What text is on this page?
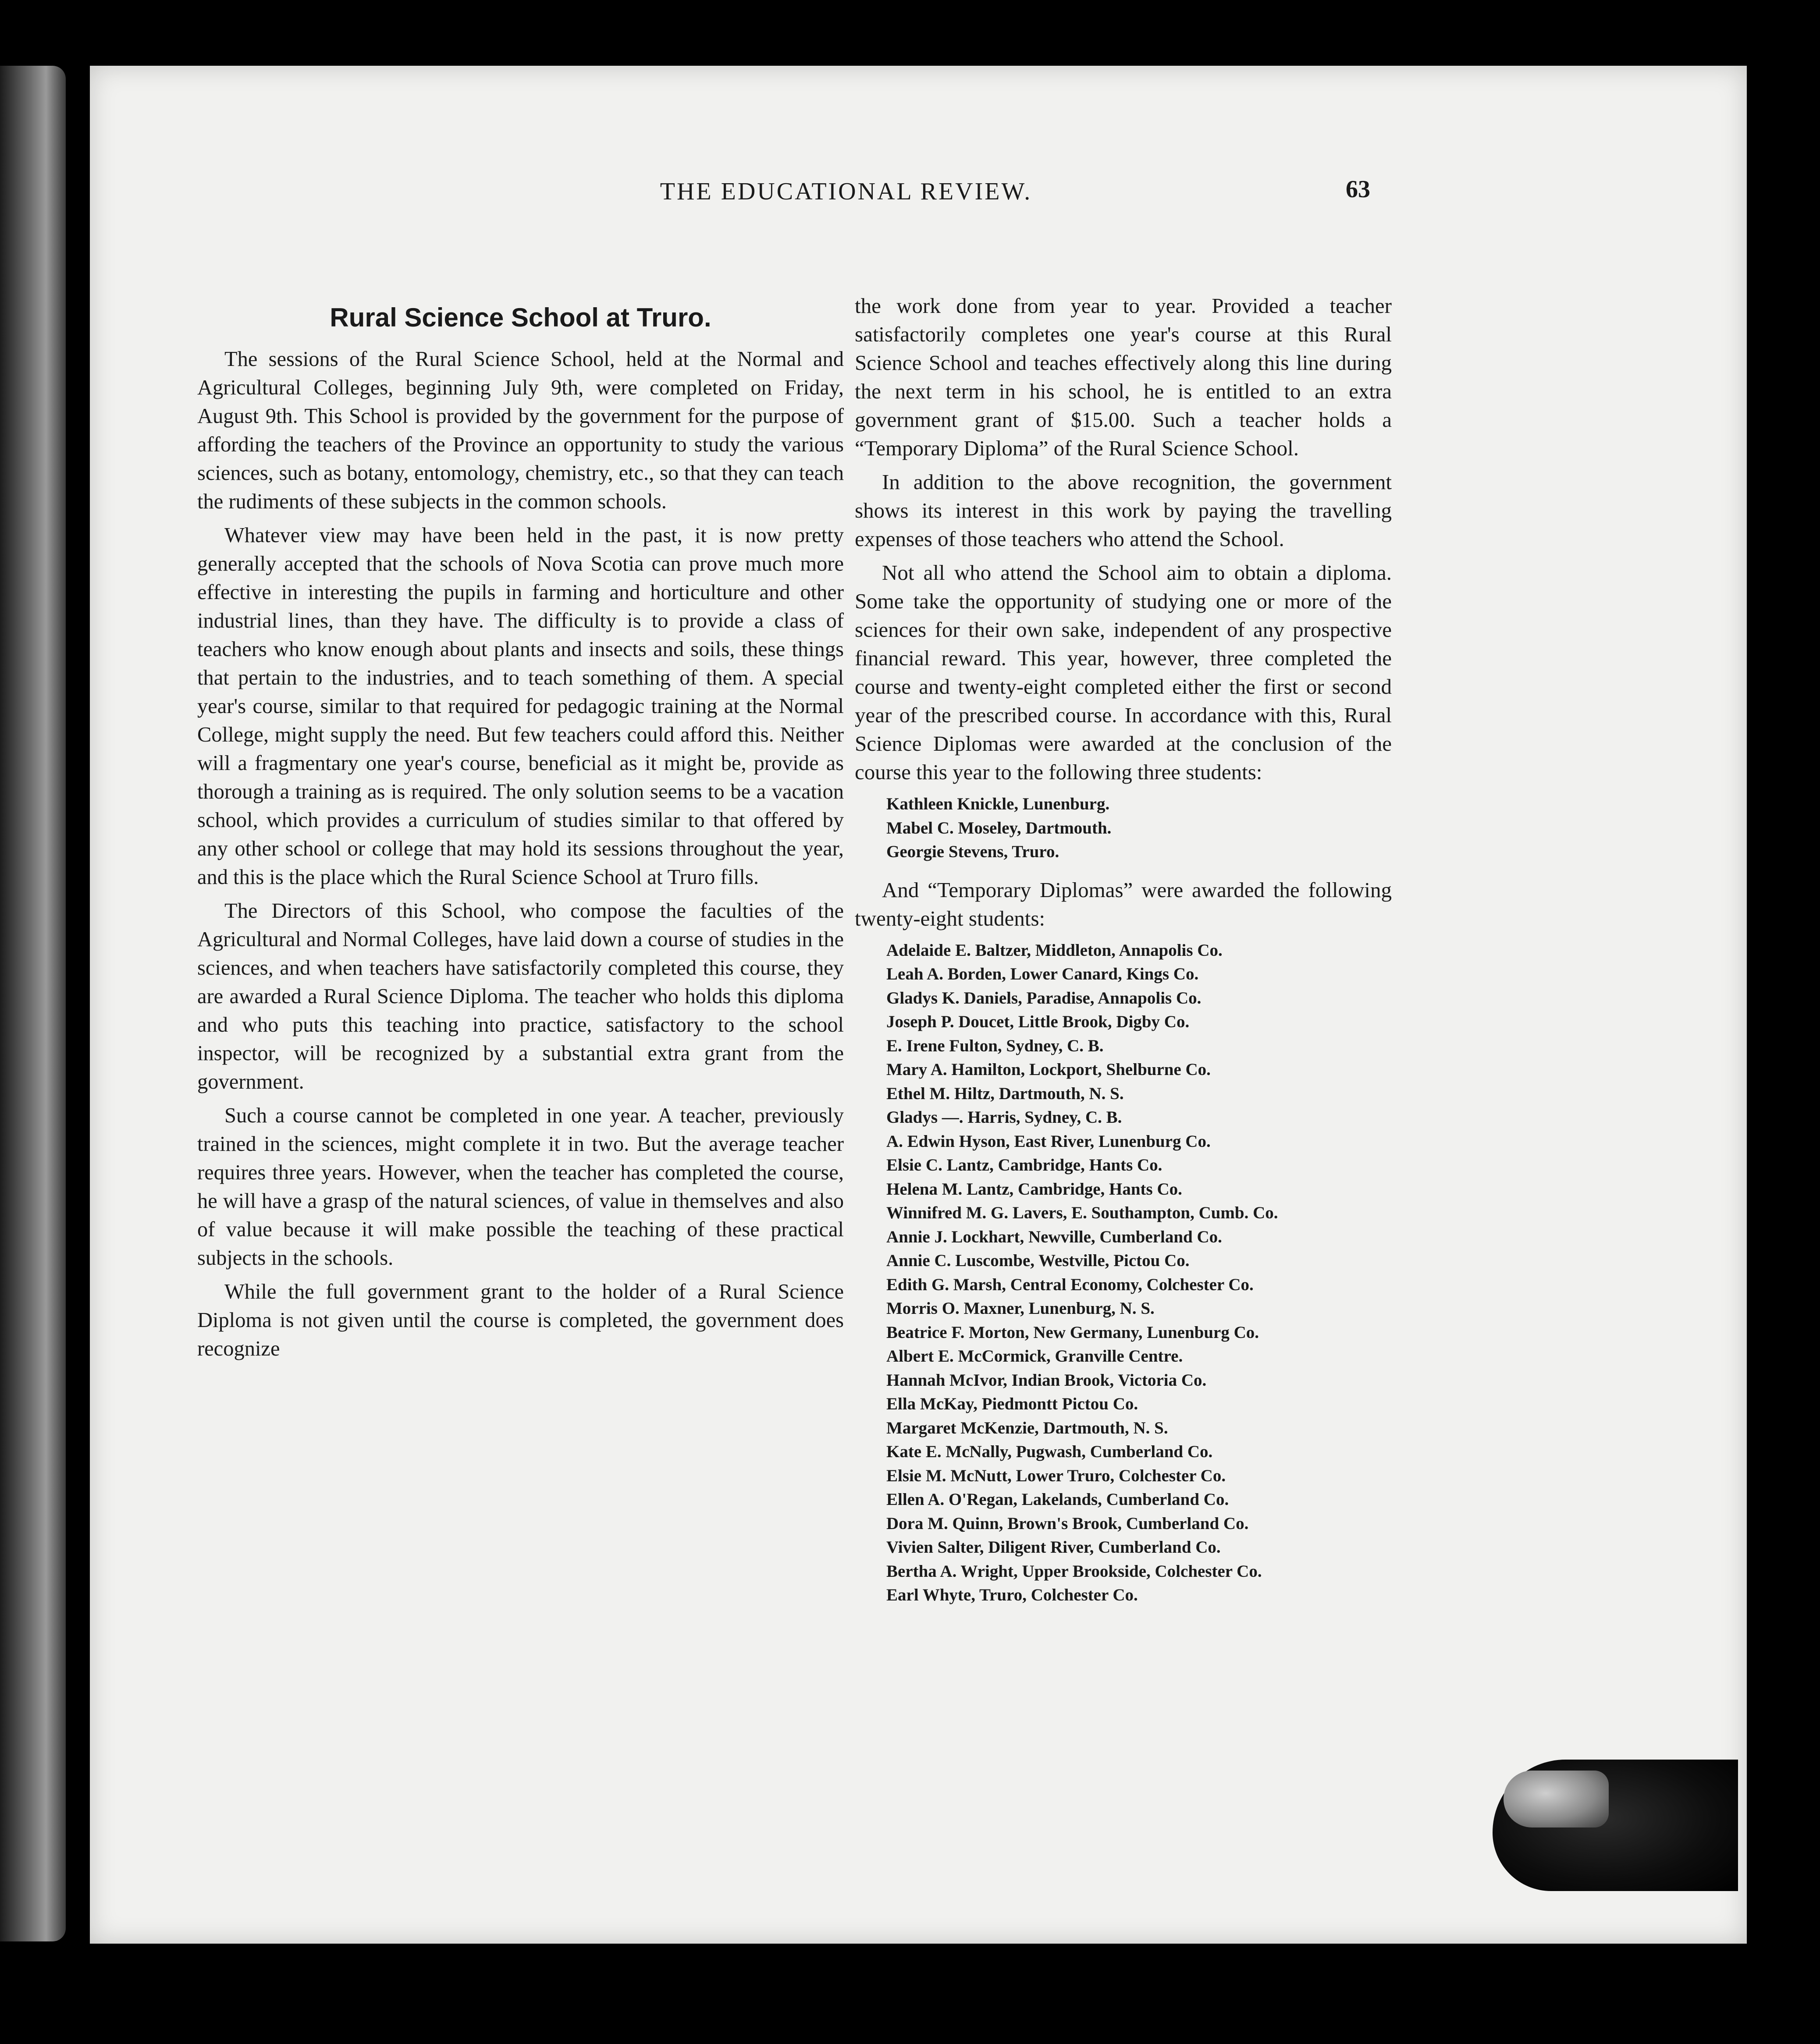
THE EDUCATIONAL REVIEW.	63
Rural Science School at Truro.

The sessions of the Rural Science School, held at the Normal and Agricultural Colleges, beginning July 9th, were completed on Friday, August 9th. This School is provided by the government for the purpose of affording the teachers of the Province an opportunity to study the various sciences, such as botany, entomology, chemistry, etc., so that they can teach the rudiments of these subjects in the common schools.

Whatever view may have been held in the past, it is now pretty generally accepted that the schools of Nova Scotia can prove much more effective in interesting the pupils in farming and horticulture and other industrial lines, than they have. The difficulty is to provide a class of teachers who know enough about plants and insects and soils, these things that pertain to the industries, and to teach something of them. A special year's course, similar to that required for pedagogic training at the Normal College, might supply the need. But few teachers could afford this. Neither will a fragmentary one year's course, beneficial as it might be, provide as thorough a training as is required. The only solution seems to be a vacation school, which provides a curriculum of studies similar to that offered by any other school or college that may hold its sessions throughout the year, and this is the place which the Rural Science School at Truro fills.

The Directors of this School, who compose the faculties of the Agricultural and Normal Colleges, have laid down a course of studies in the sciences, and when teachers have satisfactorily completed this course, they are awarded a Rural Science Diploma. The teacher who holds this diploma and who puts this teaching into practice, satisfactory to the school inspector, will be recognized by a substantial extra grant from the government.

Such a course cannot be completed in one year. A teacher, previously trained in the sciences, might complete it in two. But the average teacher requires three years. However, when the teacher has completed the course, he will have a grasp of the natural sciences, of value in themselves and also of value because it will make possible the teaching of these practical subjects in the schools.

While the full government grant to the holder of a Rural Science Diploma is not given until the course is completed, the government does recognize

the work done from year to year. Provided a teacher satisfactorily completes one year's course at this Rural Science School and teaches effectively along this line during the next term in his school, he is entitled to an extra government grant of $15.00. Such a teacher holds a “Temporary Diploma” of the Rural Science School.

In addition to the above recognition, the government shows its interest in this work by paying the travelling expenses of those teachers who attend the School.

Not all who attend the School aim to obtain a diploma. Some take the opportunity of studying one or more of the sciences for their own sake, independent of any prospective financial reward. This year, however, three completed the course and twenty-eight completed either the first or second year of the prescribed course. In accordance with this, Rural Science Diplomas were awarded at the conclusion of the course this year to the following three students:

Kathleen Knickle, Lunenburg.
Mabel C. Moseley, Dartmouth.
Georgie Stevens, Truro.

And “Temporary Diplomas” were awarded the following twenty-eight students:

Adelaide E. Baltzer, Middleton, Annapolis Co.
Leah A. Borden, Lower Canard, Kings Co.
Gladys K. Daniels, Paradise, Annapolis Co.
Joseph P. Doucet, Little Brook, Digby Co.
E. Irene Fulton, Sydney, C. B.
Mary A. Hamilton, Lockport, Shelburne Co.
Ethel M. Hiltz, Dartmouth, N. S.
Gladys —. Harris, Sydney, C. B.
A. Edwin Hyson, East River, Lunenburg Co.
Elsie C. Lantz, Cambridge, Hants Co.
Helena M. Lantz, Cambridge, Hants Co.
Winnifred M. G. Lavers, E. Southampton, Cumb. Co.
Annie J. Lockhart, Newville, Cumberland Co.
Annie C. Luscombe, Westville, Pictou Co.
Edith G. Marsh, Central Economy, Colchester Co.
Morris O. Maxner, Lunenburg, N. S.
Beatrice F. Morton, New Germany, Lunenburg Co.
Albert E. McCormick, Granville Centre.
Hannah McIvor, Indian Brook, Victoria Co.
Ella McKay, Piedmontt Pictou Co.
Margaret McKenzie, Dartmouth, N. S.
Kate E. McNally, Pugwash, Cumberland Co.
Elsie M. McNutt, Lower Truro, Colchester Co.
Ellen A. O'Regan, Lakelands, Cumberland Co.
Dora M. Quinn, Brown's Brook, Cumberland Co.
Vivien Salter, Diligent River, Cumberland Co.
Bertha A. Wright, Upper Brookside, Colchester Co.
Earl Whyte, Truro, Colchester Co.
